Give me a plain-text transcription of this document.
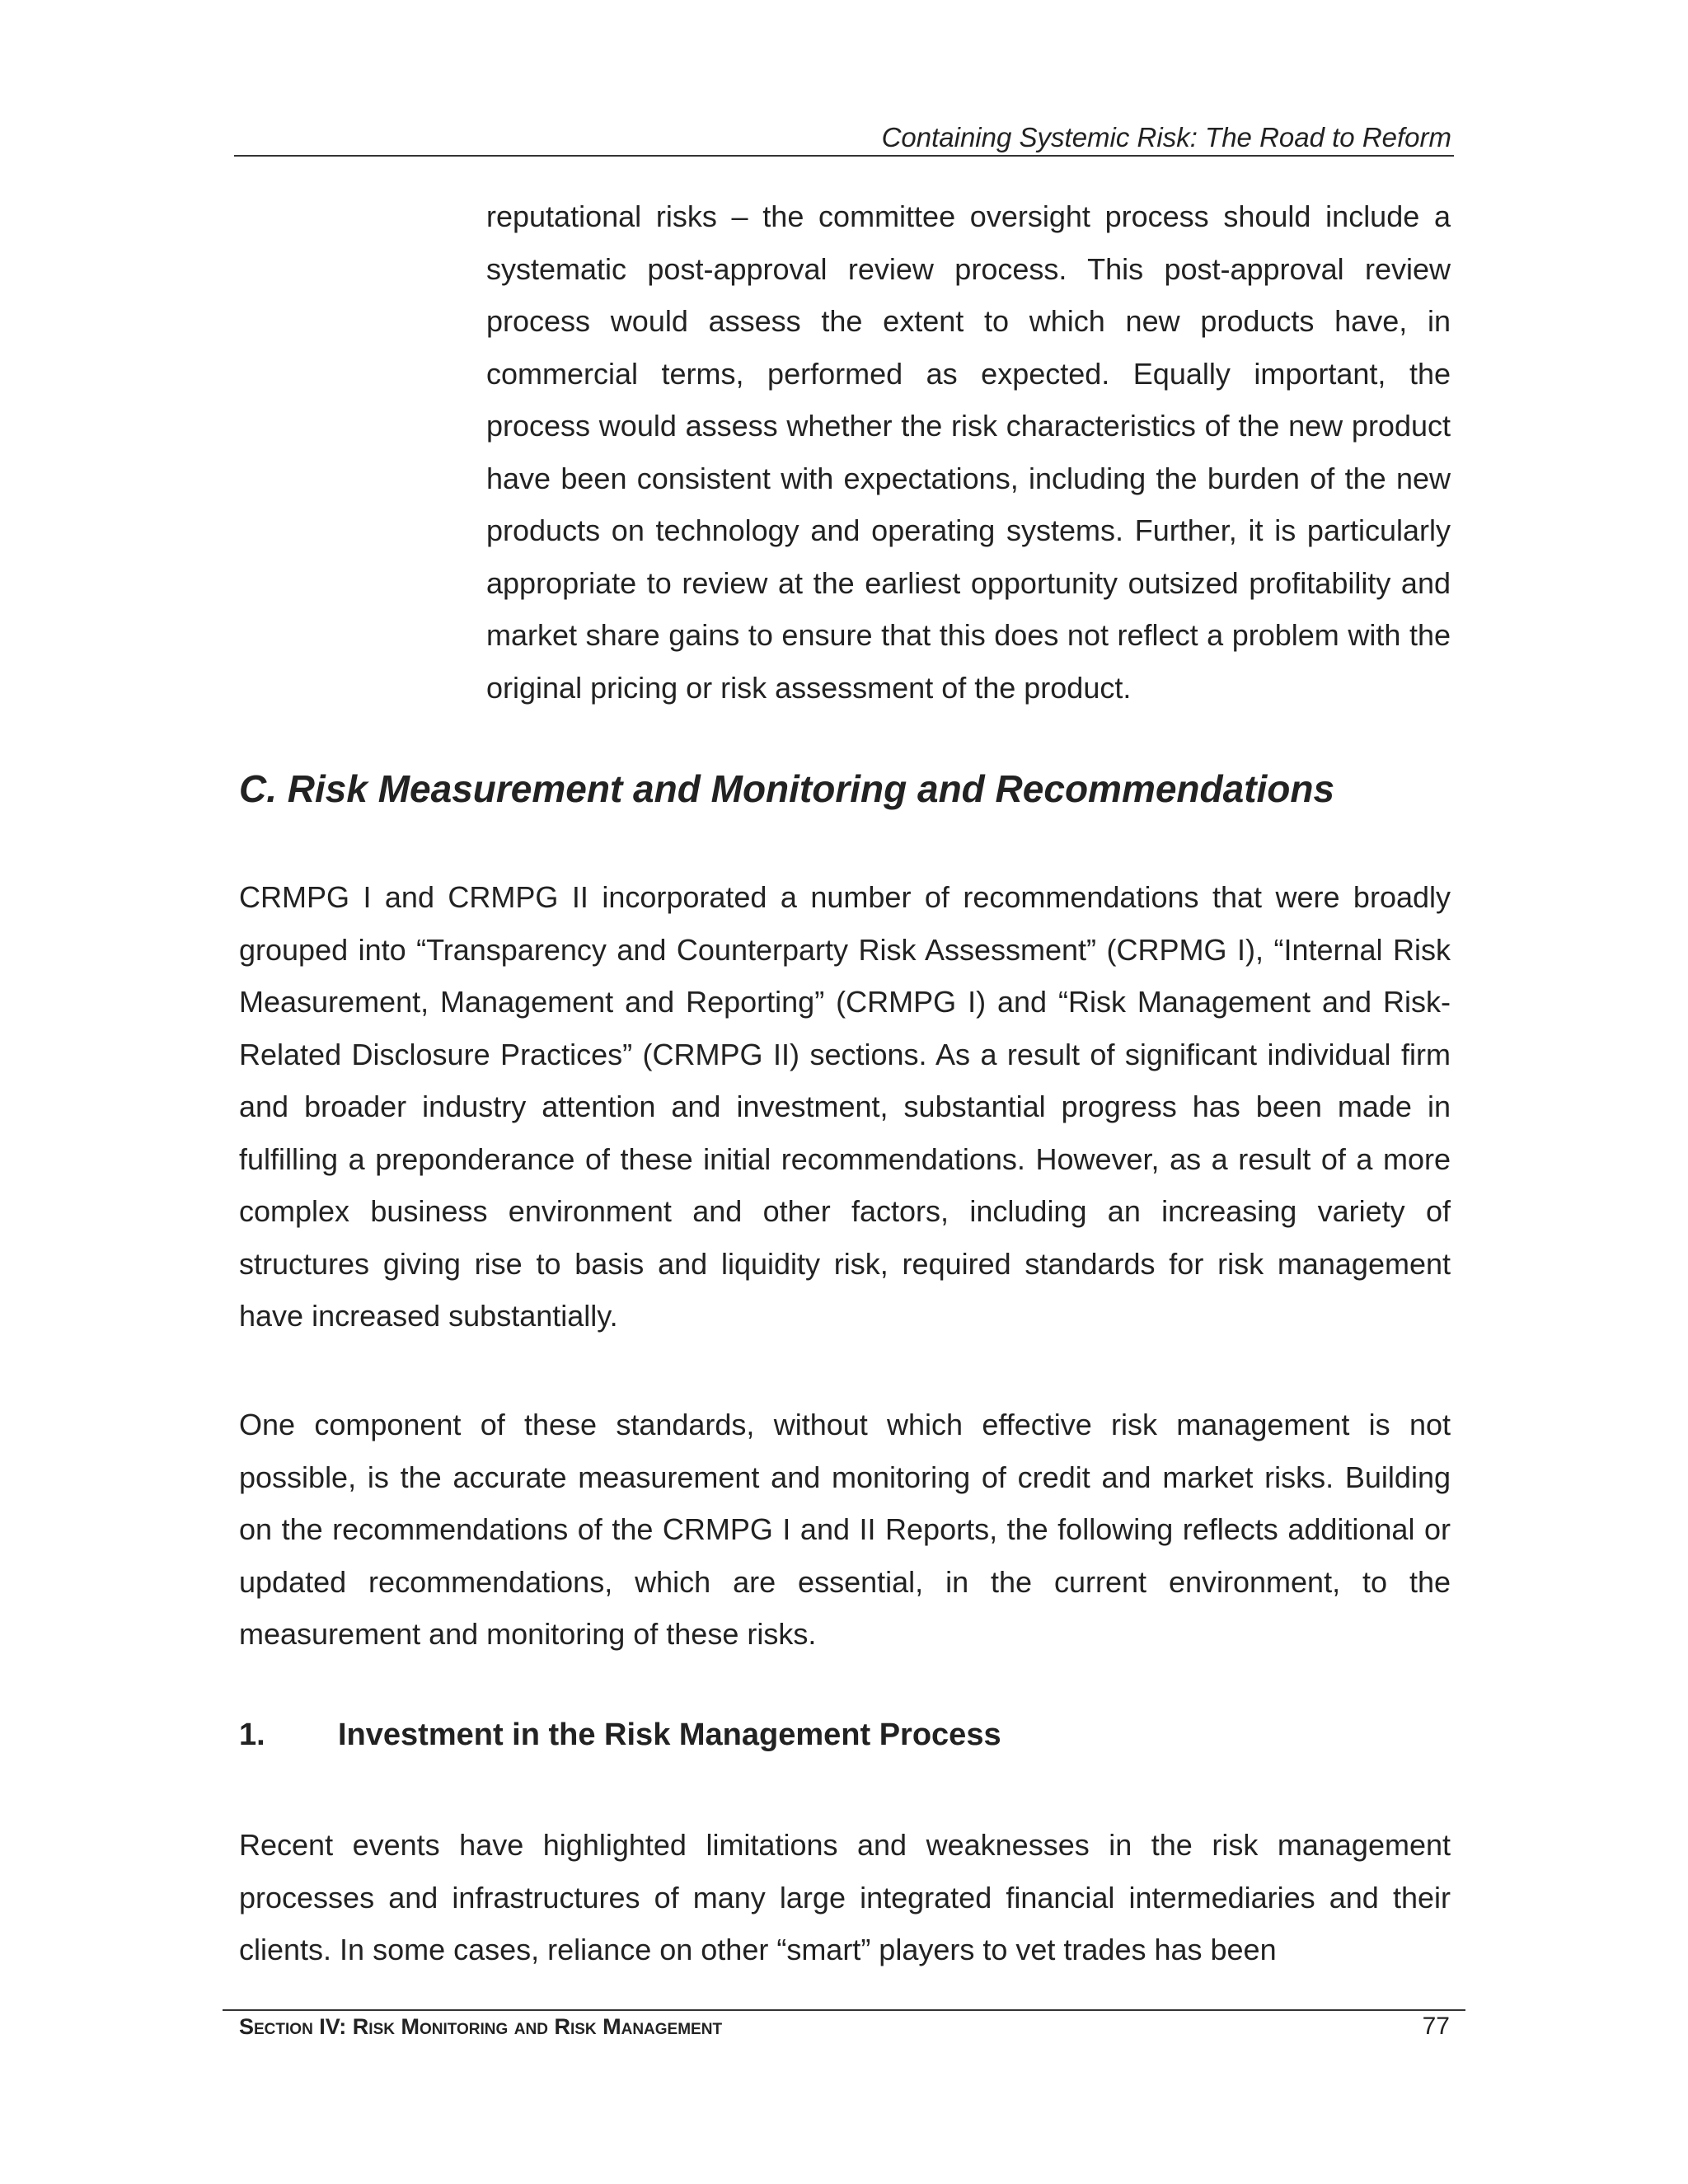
Containing Systemic Risk: The Road to Reform

reputational risks – the committee oversight process should include a systematic post-approval review process. This post-approval review process would assess the extent to which new products have, in commercial terms, performed as expected. Equally important, the process would assess whether the risk characteristics of the new product have been consistent with expectations, including the burden of the new products on technology and operating systems. Further, it is particularly appropriate to review at the earliest opportunity outsized profitability and market share gains to ensure that this does not reflect a problem with the original pricing or risk assessment of the product.

C. Risk Measurement and Monitoring and Recommendations

CRMPG I and CRMPG II incorporated a number of recommendations that were broadly grouped into “Transparency and Counterparty Risk Assessment” (CRPMG I), “Internal Risk Measurement, Management and Reporting” (CRMPG I) and “Risk Management and Risk-Related Disclosure Practices” (CRMPG II) sections. As a result of significant individual firm and broader industry attention and investment, substantial progress has been made in fulfilling a preponderance of these initial recommendations. However, as a result of a more complex business environment and other factors, including an increasing variety of structures giving rise to basis and liquidity risk, required standards for risk management have increased substantially.

One component of these standards, without which effective risk management is not possible, is the accurate measurement and monitoring of credit and market risks. Building on the recommendations of the CRMPG I and II Reports, the following reflects additional or updated recommendations, which are essential, in the current environment, to the measurement and monitoring of these risks.

1. Investment in the Risk Management Process

Recent events have highlighted limitations and weaknesses in the risk management processes and infrastructures of many large integrated financial intermediaries and their clients. In some cases, reliance on other “smart” players to vet trades has been

Section IV: Risk Monitoring and Risk Management	77
